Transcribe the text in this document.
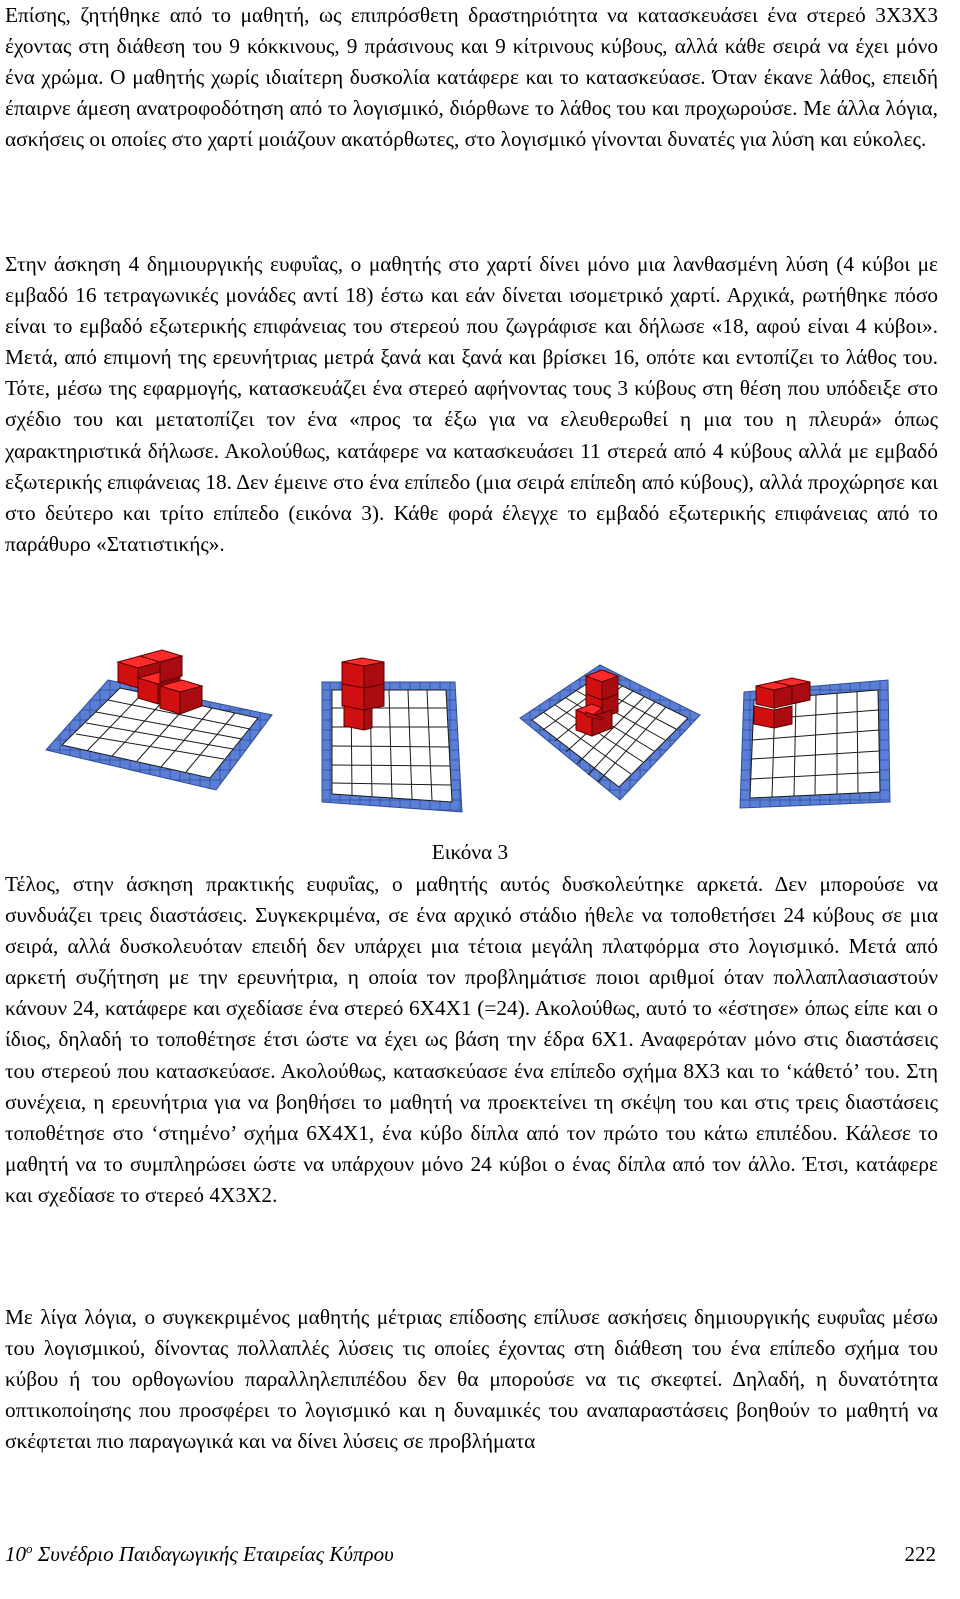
Επίσης, ζητήθηκε από το μαθητή, ως επιπρόσθετη δραστηριότητα να κατασκευάσει ένα στερεό 3Χ3Χ3 έχοντας στη διάθεση του 9 κόκκινους, 9 πράσινους και 9 κίτρινους κύβους, αλλά κάθε σειρά να έχει μόνο ένα χρώμα. Ο μαθητής χωρίς ιδιαίτερη δυσκολία κατάφερε και το κατασκεύασε. Όταν έκανε λάθος, επειδή έπαιρνε άμεση ανατροφοδότηση από το λογισμικό, διόρθωνε το λάθος του και προχωρούσε. Με άλλα λόγια, ασκήσεις οι οποίες στο χαρτί μοιάζουν ακατόρθωτες, στο λογισμικό γίνονται δυνατές για λύση και εύκολες.

Στην άσκηση 4 δημιουργικής ευφυΐας, ο μαθητής στο χαρτί δίνει μόνο μια λανθασμένη λύση (4 κύβοι με εμβαδό 16 τετραγωνικές μονάδες αντί 18) έστω και εάν δίνεται ισομετρικό χαρτί. Αρχικά, ρωτήθηκε πόσο είναι το εμβαδό εξωτερικής επιφάνειας του στερεού που ζωγράφισε και δήλωσε «18, αφού είναι 4 κύβοι». Μετά, από επιμονή της ερευνήτριας μετρά ξανά και ξανά και βρίσκει 16, οπότε και εντοπίζει το λάθος του. Τότε, μέσω της εφαρμογής, κατασκευάζει ένα στερεό αφήνοντας τους 3 κύβους στη θέση που υπόδειξε στο σχέδιο του και μετατοπίζει τον ένα «προς τα έξω για να ελευθερωθεί η μια του η πλευρά» όπως χαρακτηριστικά δήλωσε. Ακολούθως, κατάφερε να κατασκευάσει 11 στερεά από 4 κύβους αλλά με εμβαδό εξωτερικής επιφάνειας 18. Δεν έμεινε στο ένα επίπεδο (μια σειρά επίπεδη από κύβους), αλλά προχώρησε και στο δεύτερο και τρίτο επίπεδο (εικόνα 3). Κάθε φορά έλεγχε το εμβαδό εξωτερικής επιφάνειας από το παράθυρο «Στατιστικής».

Εικόνα 3

Τέλος, στην άσκηση πρακτικής ευφυΐας, ο μαθητής αυτός δυσκολεύτηκε αρκετά. Δεν μπορούσε να συνδυάζει τρεις διαστάσεις. Συγκεκριμένα, σε ένα αρχικό στάδιο ήθελε να τοποθετήσει 24 κύβους σε μια σειρά, αλλά δυσκολευόταν επειδή δεν υπάρχει μια τέτοια μεγάλη πλατφόρμα στο λογισμικό. Μετά από αρκετή συζήτηση με την ερευνήτρια, η οποία τον προβλημάτισε ποιοι αριθμοί όταν πολλαπλασιαστούν κάνουν 24, κατάφερε και σχεδίασε ένα στερεό 6Χ4Χ1 (=24). Ακολούθως, αυτό το «έστησε» όπως είπε και ο ίδιος, δηλαδή το τοποθέτησε έτσι ώστε να έχει ως βάση την έδρα 6Χ1. Αναφερόταν μόνο στις διαστάσεις του στερεού που κατασκεύασε. Ακολούθως, κατασκεύασε ένα επίπεδο σχήμα 8Χ3 και το ‘κάθετό’ του. Στη συνέχεια, η ερευνήτρια για να βοηθήσει το μαθητή να προεκτείνει τη σκέψη του και στις τρεις διαστάσεις τοποθέτησε στο ‘στημένο’ σχήμα 6Χ4Χ1, ένα κύβο δίπλα από τον πρώτο του κάτω επιπέδου. Κάλεσε το μαθητή να το συμπληρώσει ώστε να υπάρχουν μόνο 24 κύβοι ο ένας δίπλα από τον άλλο. Έτσι, κατάφερε και σχεδίασε το στερεό 4Χ3Χ2.

Με λίγα λόγια, ο συγκεκριμένος μαθητής μέτριας επίδοσης επίλυσε ασκήσεις δημιουργικής ευφυΐας μέσω του λογισμικού, δίνοντας πολλαπλές λύσεις τις οποίες έχοντας στη διάθεση του ένα επίπεδο σχήμα του κύβου ή του ορθογωνίου παραλληλεπιπέδου δεν θα μπορούσε να τις σκεφτεί. Δηλαδή, η δυνατότητα οπτικοποίησης που προσφέρει το λογισμικό και η δυναμικές του αναπαραστάσεις βοηθούν το μαθητή να σκέφτεται πιο παραγωγικά και να δίνει λύσεις σε προβλήματα

$10^o$ Συνέδριο Παιδαγωγικής Εταιρείας Κύπρου	222
